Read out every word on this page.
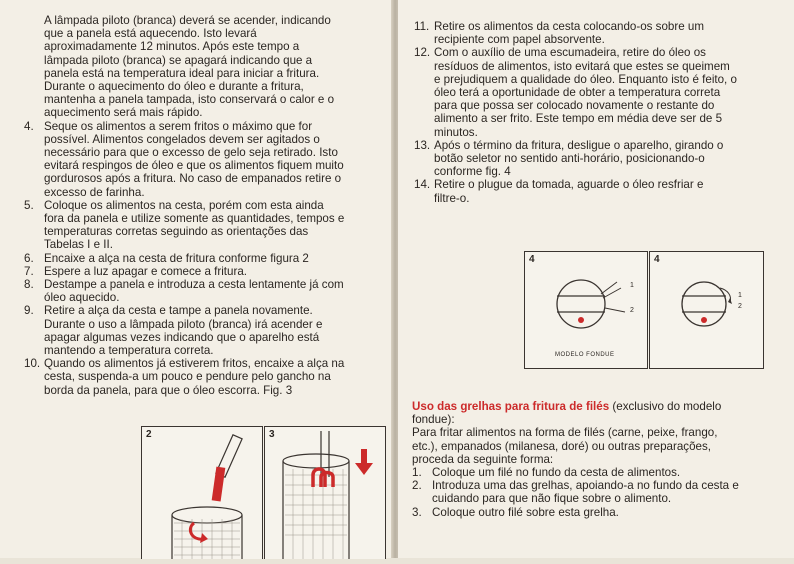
A lâmpada piloto (branca) deverá se acender, indicando
que a panela está aquecendo. Isto levará
aproximadamente 12 minutos. Após este tempo a
lâmpada piloto (branca) se apagará indicando que a
panela está na temperatura ideal para iniciar a fritura.
Durante o aquecimento do óleo e durante a fritura,
mantenha a panela tampada, isto conservará o calor e o
aquecimento será mais rápido.
4. Seque os alimentos a serem fritos o máximo que for
possível. Alimentos congelados devem ser agitados o
necessário para que o excesso de gelo seja retirado. Isto
evitará respingos de óleo e que os alimentos fiquem muito
gordurosos após a fritura. No caso de empanados retire o
excesso de farinha.
5. Coloque os alimentos na cesta, porém com esta ainda
fora da panela e utilize somente as quantidades, tempos e
temperaturas corretas seguindo as orientações das
Tabelas I e II.
6. Encaixe a alça na cesta de fritura conforme figura 2
7. Espere a luz apagar e comece a fritura.
8. Destampe a panela e introduza a cesta lentamente já com
óleo aquecido.
9. Retire a alça da cesta e tampe a panela novamente.
Durante o uso a lâmpada piloto (branca) irá acender e
apagar algumas vezes indicando que o aparelho está
mantendo a temperatura correta.
10. Quando os alimentos já estiverem fritos, encaixe a alça na
cesta, suspenda-a um pouco e pendure pelo gancho na
borda da panela, para que o óleo escorra. Fig. 3
2	3
11. Retire os alimentos da cesta colocando-os sobre um
recipiente com papel absorvente.
12. Com o auxílio de uma escumadeira, retire do óleo os
resíduos de alimentos, isto evitará que estes se queimem
e prejudiquem a qualidade do óleo. Enquanto isto é feito, o
óleo terá a oportunidade de obter a temperatura correta
para que possa ser colocado novamente o restante do
alimento a ser frito. Este tempo em média deve ser de 5
minutos.
13. Após o término da fritura, desligue o aparelho, girando o
botão seletor no sentido anti-horário, posicionando-o
conforme fig. 4
14. Retire o plugue da tomada, aguarde o óleo resfriar e
filtre-o.
4
1
2
MODELO FONDUE
4
1
2
Uso das grelhas para fritura de filés (exclusivo do modelo
fondue):
Para fritar alimentos na forma de filés (carne, peixe, frango,
etc.), empanados (milanesa, doré) ou outras preparações,
proceda da seguinte forma:
1. Coloque um filé no fundo da cesta de alimentos.
2. Introduza uma das grelhas, apoiando-a no fundo da cesta e
cuidando para que não fique sobre o alimento.
3. Coloque outro filé sobre esta grelha.
